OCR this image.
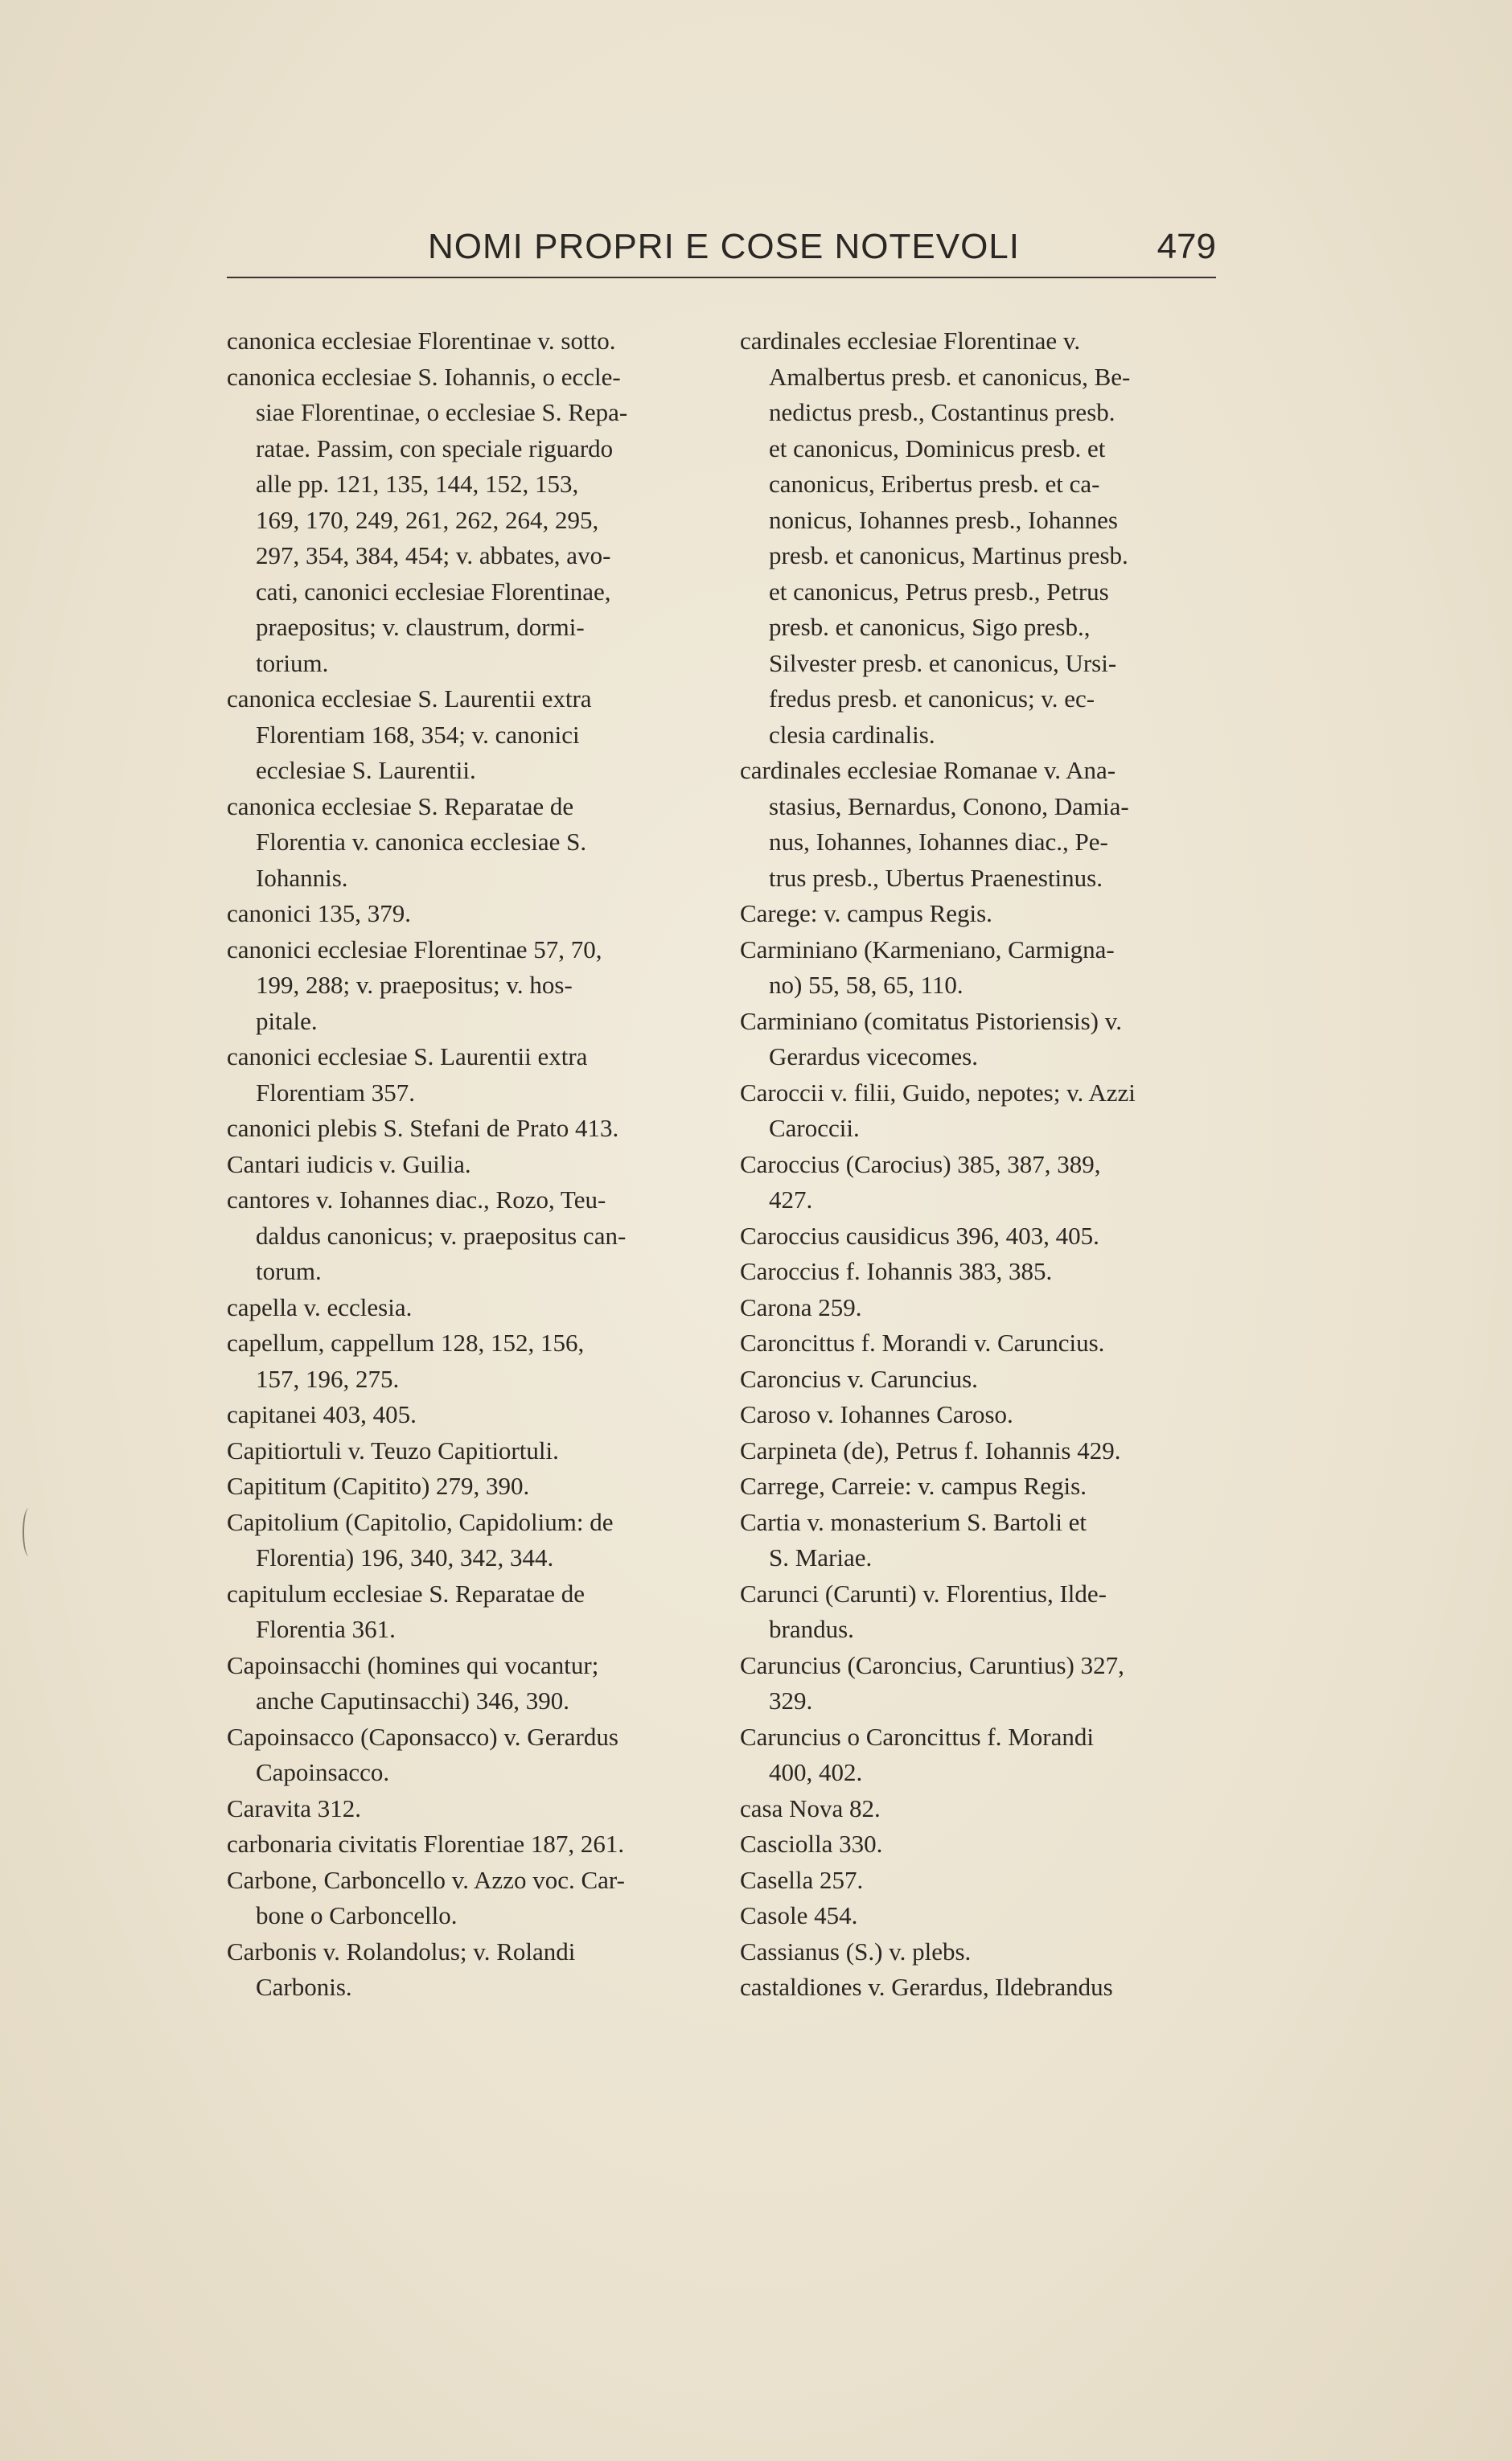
NOMI PROPRI E COSE NOTEVOLI	479
canonica ecclesiae Florentinae v. sotto.
canonica ecclesiae S. Iohannis, o eccle-
siae Florentinae, o ecclesiae S. Repa-
ratae. Passim, con speciale riguardo
alle pp. 121, 135, 144, 152, 153,
169, 170, 249, 261, 262, 264, 295,
297, 354, 384, 454; v. abbates, avo-
cati, canonici ecclesiae Florentinae,
praepositus; v. claustrum, dormi-
torium.
canonica ecclesiae S. Laurentii extra
Florentiam 168, 354; v. canonici
ecclesiae S. Laurentii.
canonica ecclesiae S. Reparatae de
Florentia v. canonica ecclesiae S.
Iohannis.
canonici 135, 379.
canonici ecclesiae Florentinae 57, 70,
199, 288; v. praepositus; v. hos-
pitale.
canonici ecclesiae S. Laurentii extra
Florentiam 357.
canonici plebis S. Stefani de Prato 413.
Cantari iudicis v. Guilia.
cantores v. Iohannes diac., Rozo, Teu-
daldus canonicus; v. praepositus can-
torum.
capella v. ecclesia.
capellum, cappellum 128, 152, 156,
157, 196, 275.
capitanei 403, 405.
Capitiortuli v. Teuzo Capitiortuli.
Capititum (Capitito) 279, 390.
Capitolium (Capitolio, Capidolium: de
Florentia) 196, 340, 342, 344.
capitulum ecclesiae S. Reparatae de
Florentia 361.
Capoinsacchi (homines qui vocantur;
anche Caputinsacchi) 346, 390.
Capoinsacco (Caponsacco) v. Gerardus
Capoinsacco.
Caravita 312.
carbonaria civitatis Florentiae 187, 261.
Carbone, Carboncello v. Azzo voc. Car-
bone o Carboncello.
Carbonis v. Rolandolus; v. Rolandi
Carbonis.
cardinales ecclesiae Florentinae v.
Amalbertus presb. et canonicus, Be-
nedictus presb., Costantinus presb.
et canonicus, Dominicus presb. et
canonicus, Eribertus presb. et ca-
nonicus, Iohannes presb., Iohannes
presb. et canonicus, Martinus presb.
et canonicus, Petrus presb., Petrus
presb. et canonicus, Sigo presb.,
Silvester presb. et canonicus, Ursi-
fredus presb. et canonicus; v. ec-
clesia cardinalis.
cardinales ecclesiae Romanae v. Ana-
stasius, Bernardus, Conono, Damia-
nus, Iohannes, Iohannes diac., Pe-
trus presb., Ubertus Praenestinus.
Carege: v. campus Regis.
Carminiano (Karmeniano, Carmigna-
no) 55, 58, 65, 110.
Carminiano (comitatus Pistoriensis) v.
Gerardus vicecomes.
Caroccii v. filii, Guido, nepotes; v. Azzi
Caroccii.
Caroccius (Carocius) 385, 387, 389,
427.
Caroccius causidicus 396, 403, 405.
Caroccius f. Iohannis 383, 385.
Carona 259.
Caroncittus f. Morandi v. Caruncius.
Caroncius v. Caruncius.
Caroso v. Iohannes Caroso.
Carpineta (de), Petrus f. Iohannis 429.
Carrege, Carreie: v. campus Regis.
Cartia v. monasterium S. Bartoli et
S. Mariae.
Carunci (Carunti) v. Florentius, Ilde-
brandus.
Caruncius (Caroncius, Caruntius) 327,
329.
Caruncius o Caroncittus f. Morandi
400, 402.
casa Nova 82.
Casciolla 330.
Casella 257.
Casole 454.
Cassianus (S.) v. plebs.
castaldiones v. Gerardus, Ildebrandus
